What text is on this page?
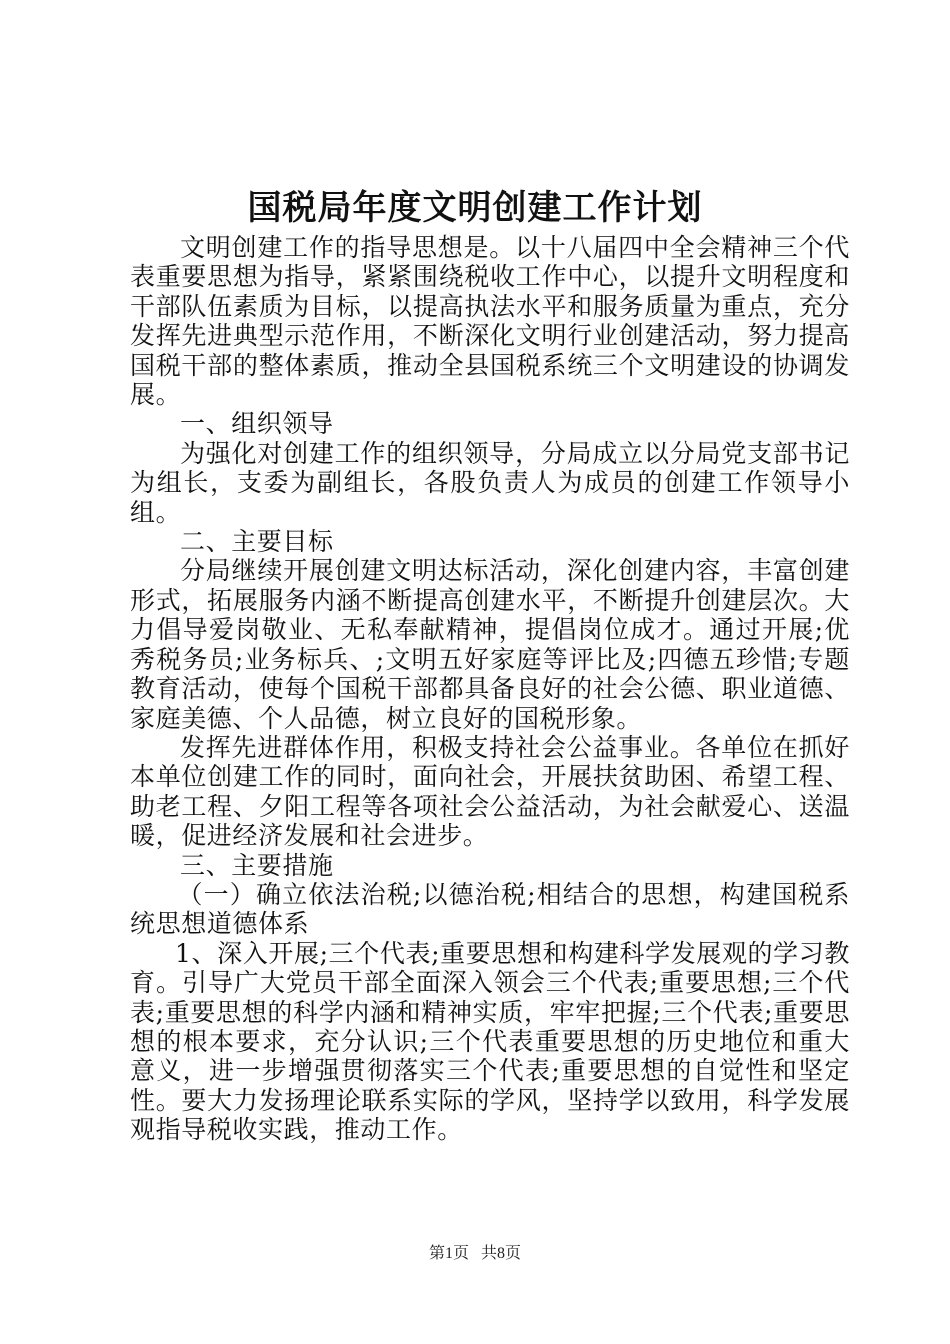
国税局年度文明创建工作计划

文明创建工作的指导思想是。以十八届四中全会精神三个代表重要思想为指导，紧紧围绕税收工作中心，以提升文明程度和干部队伍素质为目标，以提高执法水平和服务质量为重点，充分发挥先进典型示范作用，不断深化文明行业创建活动，努力提高国税干部的整体素质，推动全县国税系统三个文明建设的协调发展。

一、组织领导

为强化对创建工作的组织领导，分局成立以分局党支部书记为组长，支委为副组长，各股负责人为成员的创建工作领导小组。

二、主要目标

分局继续开展创建文明达标活动，深化创建内容，丰富创建形式，拓展服务内涵不断提高创建水平，不断提升创建层次。大力倡导爱岗敬业、无私奉献精神，提倡岗位成才。通过开展;优秀税务员;业务标兵、;文明五好家庭等评比及;四德五珍惜;专题教育活动，使每个国税干部都具备良好的社会公德、职业道德、家庭美德、个人品德，树立良好的国税形象。

发挥先进群体作用，积极支持社会公益事业。各单位在抓好本单位创建工作的同时，面向社会，开展扶贫助困、希望工程、助老工程、夕阳工程等各项社会公益活动，为社会献爱心、送温暖，促进经济发展和社会进步。

三、主要措施

（一）确立依法治税;以德治税;相结合的思想，构建国税系统思想道德体系

1、深入开展;三个代表;重要思想和构建科学发展观的学习教育。引导广大党员干部全面深入领会三个代表;重要思想;三个代表;重要思想的科学内涵和精神实质，牢牢把握;三个代表;重要思想的根本要求，充分认识;三个代表重要思想的历史地位和重大意义，进一步增强贯彻落实三个代表;重要思想的自觉性和坚定性。要大力发扬理论联系实际的学风，坚持学以致用，科学发展观指导税收实践，推动工作。

第1页 共8页
